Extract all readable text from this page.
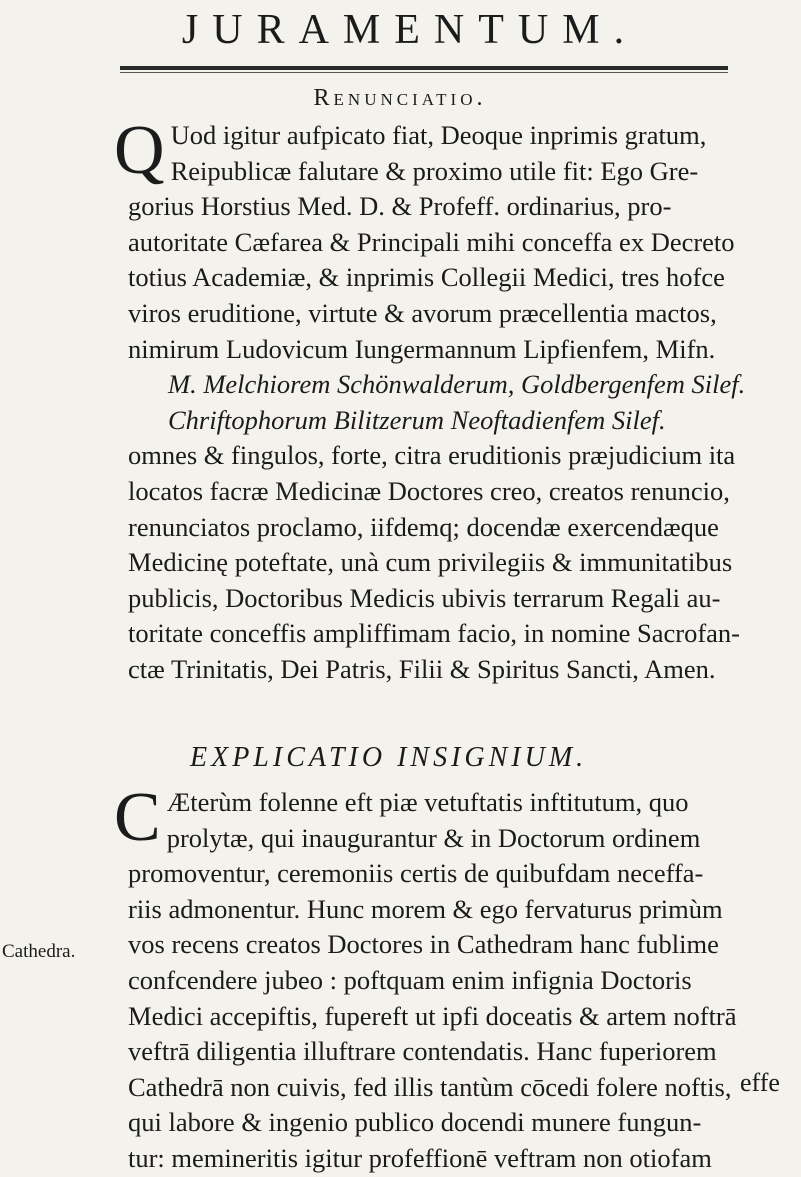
JURAMENTUM.
Renunciatio.
Q Uod igitur aufpicato fiat, Deoque inprimis gratum,
Reipublicæ falutare & proximo utile fit: Ego Gre-
gorius Horstius Med. D. & Profeff. ordinarius, pro-
autoritate Cæfarea & Principali mihi conceffa ex Decreto
totius Academiæ, & inprimis Collegii Medici, tres hofce
viros eruditione, virtute & avorum præcellentia mactos,
nimirum Ludovicum Iungermannum Lipfienfem, Mifn.
M. Melchiorem Schönwalderum, Goldbergenfem Silef.
Chriftophorum Bilitzerum Neoftadienfem Silef.
omnes & fingulos, forte, citra eruditionis præjudicium ita
locatos facræ Medicinæ Doctores creo, creatos renuncio,
renunciatos proclamo, iifdemq; docendæ exercendæque
Medicinę poteftate, unà cum privilegiis & immunitatibus
publicis, Doctoribus Medicis ubivis terrarum Regali au-
toritate conceffis ampliffimam facio, in nomine Sacrofan-
ctæ Trinitatis, Dei Patris, Filii & Spiritus Sancti, Amen.
EXPLICATIO INSIGNIUM.
C Æterùm folenne eft piæ vetuftatis inftitutum, quo
prolytæ, qui inaugurantur & in Doctorum ordinem
promoventur, ceremoniis certis de quibufdam neceffa-
riis admonentur. Hunc morem & ego fervaturus primùm
vos recens creatos Doctores in Cathedram hanc fublime
confcendere jubeo : poftquam enim infignia Doctoris
Medici accepiftis, fupereft ut ipfi doceatis & artem noftrā
veftrā diligentia illuftrare contendatis. Hanc fuperiorem
Cathedrā non cuivis, fed illis tantùm cōcedi folere noftis,
qui labore & ingenio publico docendi munere fungun-
tur: memineritis igitur profeffionē veftram non otiofam
Cathedra.
effe
